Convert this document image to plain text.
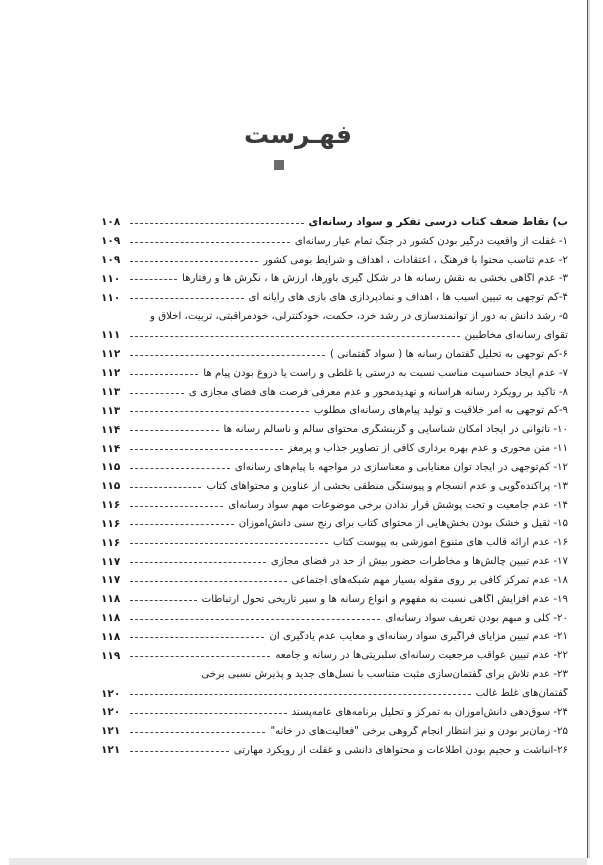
فهـرست
ب) نقاط ضعف کتاب درسی تفکر و سواد رسانه‌ای
۱۰۸
۱- غفلت از واقعیت درگیر بودن کشور در جنگ تمام عیار رسانه‌ای
۱۰۹
۲- عدم تناسب محتوا با فرهنگ ، اعتقادات ، اهداف و شرایط بومی کشور
۱۰۹
۳- عدم آگاهی بخشی به نقش رسانه ها در شکل گیری باورها، ارزش ها ، نگرش ها و رفتارها
۱۱۰
۴-کم توجهی به تبیین آسیب ها ، اهداف و نمادپردازی های بازی های رایانه ای
۱۱۰
۵- رشد دانش به دور از توانمندسازی در رشد خرد، حکمت، خودکنترلی، خودمراقبتی، تربیت، اخلاق و
تقوای رسانه‌ای مخاطبین
۱۱۱
۶-کم توجهی به تحلیل گفتمان رسانه ها ( سواد گفتمانی )
۱۱۲
۷- عدم ایجاد حساسیت مناسب نسبت به درستی یا غلطی و راست یا دروغ بودن پیام ها
۱۱۲
۸- تأکید بر رویکرد رسانه هراسانه و تهدیدمحور و عدم معرفی فرصت های فضای مجازی ی
۱۱۳
۹-کم توجهی به امر خلاقیت و تولید پیام‌های رسانه‌ای مطلوب
۱۱۳
۱۰- ناتوانی در ایجاد امکان شناسایی و گزینشگری محتوای سالم و ناسالم رسانه ها
۱۱۴
۱۱- متن محوری و عدم بهره برداری کافی از تصاویر جذاب و پرمغز
۱۱۴
۱۲- کم‌توجهی در ایجاد توان معنایابی و معناسازی در مواجهه با پیام‌های رسانه‌ای
۱۱۵
۱۳- پراکنده‌گویی و عدم انسجام و پیوستگی منطقی بخشی از عناوین و محتواهای کتاب
۱۱۵
۱۴- عدم جامعیت و تحت پوشش قرار ندادن برخی موضوعات مهم سواد رسانه‌ای
۱۱۶
۱۵- ثقیل و خشک بودن بخش‌هایی از محتوای کتاب برای رنج سنی دانش‌آموزان
۱۱۶
۱۶- عدم ارائه قالب های متنوع آموزشی به پیوست کتاب
۱۱۶
۱۷- عدم تبیین چالش‌ها و مخاطرات حضور بیش از حد در فضای مجازی
۱۱۷
۱۸- عدم تمرکز کافی بر روی مقوله بسیار مهم شبکه‌های اجتماعی
۱۱۷
۱۹- عدم افزایش آگاهی نسبت به مفهوم و انواع رسانه ها و سیر تاریخی تحول ارتباطات
۱۱۸
۲۰- کلی و مبهم بودن تعریف سواد رسانه‌ای
۱۱۸
۲۱- عدم تبیین مزایای فراگیری سواد رسانه‌ای و معایب عدم یادگیری آن
۱۱۸
۲۲- عدم تبیین عواقب مرجعیت رسانه‌ای سلبریتی‌ها در رسانه و جامعه
۱۱۹
۲۳- عدم تلاش برای گفتمان‌سازی مثبت متناسب با نسل‌های جدید و پذیرش نسبی برخی
گفتمان‌های غلط غالب
۱۲۰
۲۴- سوق‌دهی دانش‌آموزان به تمرکز و تحلیل برنامه‌های عامه‌پسند
۱۲۰
۲۵- زمان‌بر بودن و نیز انتظار انجام گروهی برخی "فعالیت‌های در خانه"
۱۲۱
۲۶-انباشت و حجیم بودن اطلاعات و محتواهای دانشی و غفلت از رویکرد مهارتی
۱۲۱
